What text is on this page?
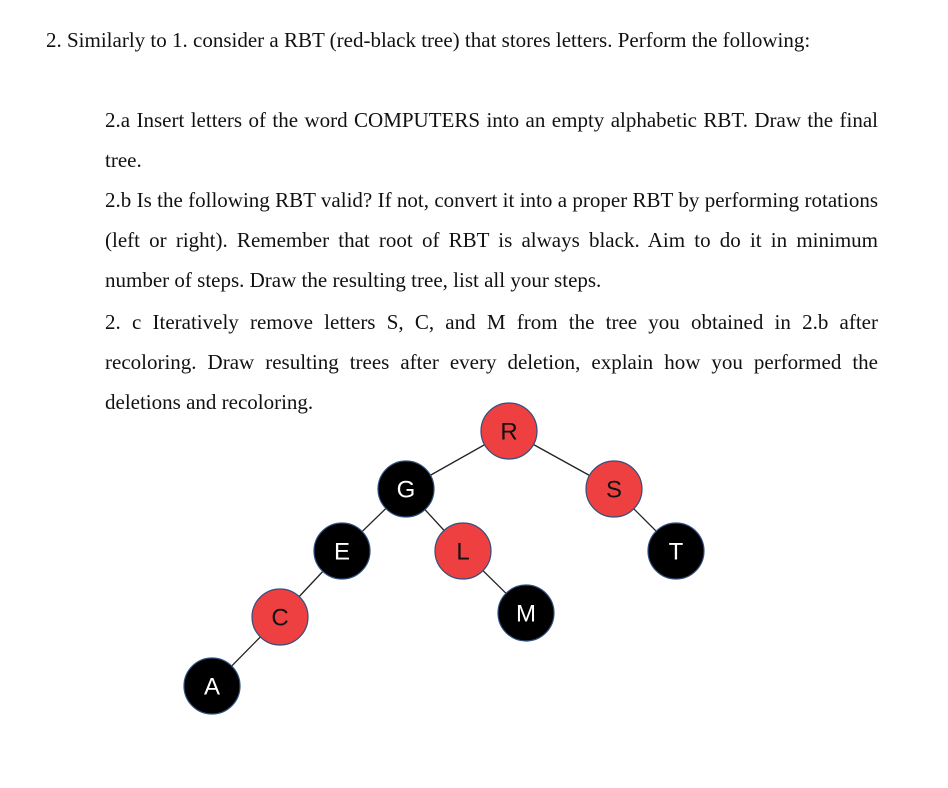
2. Similarly to 1. consider a RBT (red-black tree) that stores letters. Perform the following:

2.a Insert letters of the word COMPUTERS into an empty alphabetic RBT. Draw the final tree.

2.b Is the following RBT valid? If not, convert it into a proper RBT by performing rotations (left or right). Remember that root of RBT is always black. Aim to do it in minimum number of steps. Draw the resulting tree, list all your steps.

2. c Iteratively remove letters S, C, and M from the tree you obtained in 2.b after recoloring. Draw resulting trees after every deletion, explain how you performed the deletions and recoloring.

R
G	S
E	L	T
C	M
A
